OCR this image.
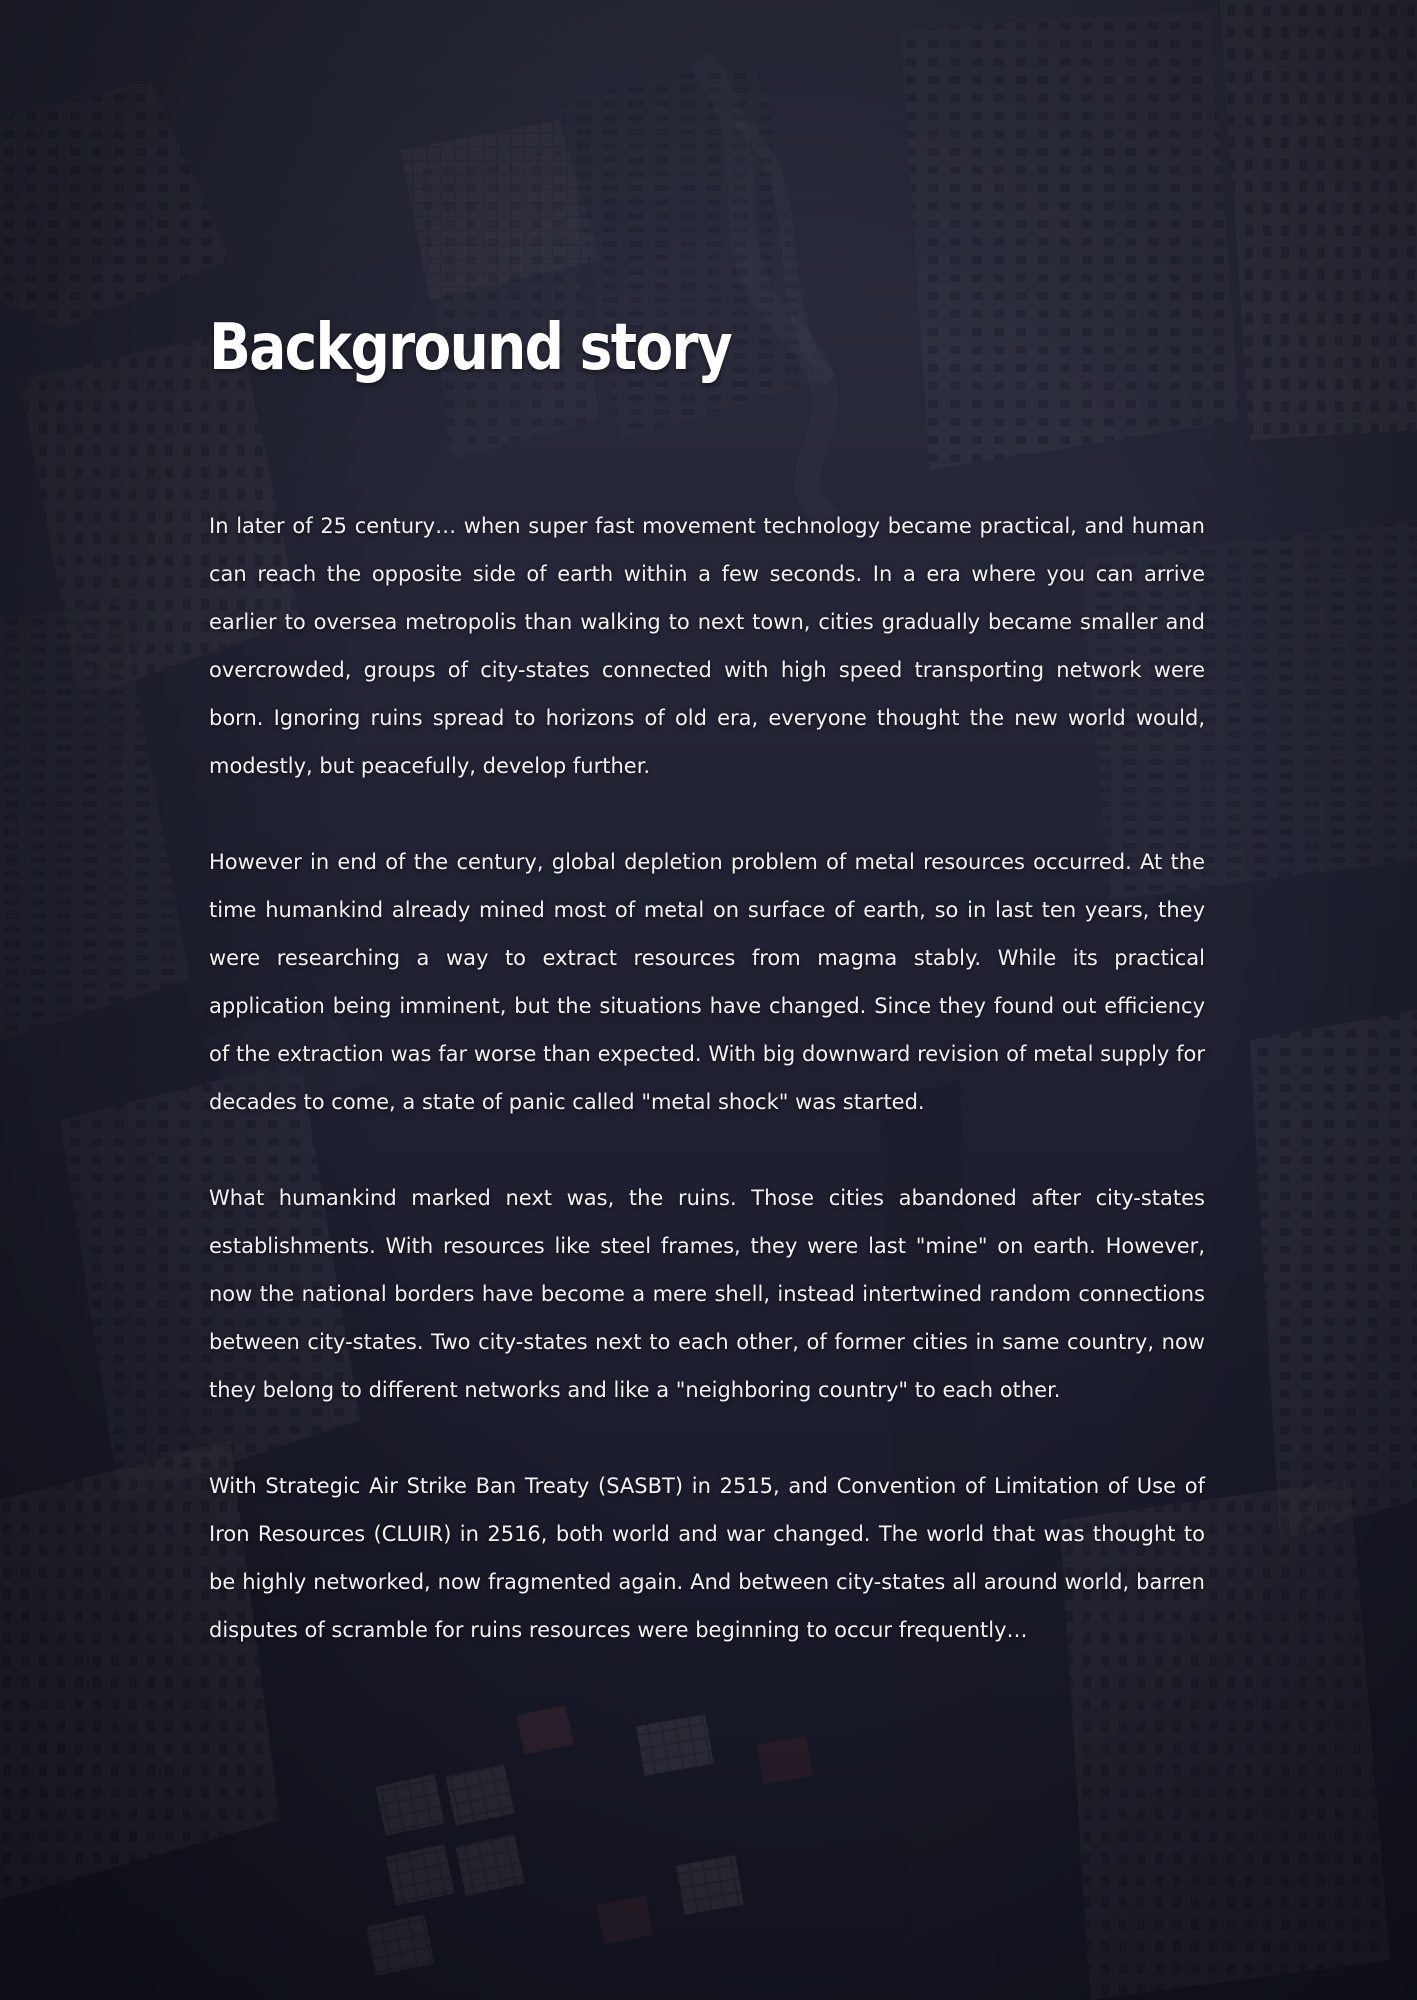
Background story

In later of 25 century… when super fast movement technology became practical, and human can reach the opposite side of earth within a few seconds. In a era where you can arrive earlier to oversea metropolis than walking to next town, cities gradually became smaller and overcrowded, groups of city-states connected with high speed transporting network were born. Ignoring ruins spread to horizons of old era, everyone thought the new world would, modestly, but peacefully, develop further.

However in end of the century, global depletion problem of metal resources occurred. At the time humankind already mined most of metal on surface of earth, so in last ten years, they were researching a way to extract resources from magma stably. While its practical application being imminent, but the situations have changed. Since they found out efficiency of the extraction was far worse than expected. With big downward revision of metal supply for decades to come, a state of panic called "metal shock" was started.

What humankind marked next was, the ruins. Those cities abandoned after city-states establishments. With resources like steel frames, they were last "mine" on earth. However, now the national borders have become a mere shell, instead intertwined random connections between city-states. Two city-states next to each other, of former cities in same country, now they belong to different networks and like a "neighboring country" to each other.

With Strategic Air Strike Ban Treaty (SASBT) in 2515, and Convention of Limitation of Use of Iron Resources (CLUIR) in 2516, both world and war changed. The world that was thought to be highly networked, now fragmented again. And between city-states all around world, barren disputes of scramble for ruins resources were beginning to occur frequently…
